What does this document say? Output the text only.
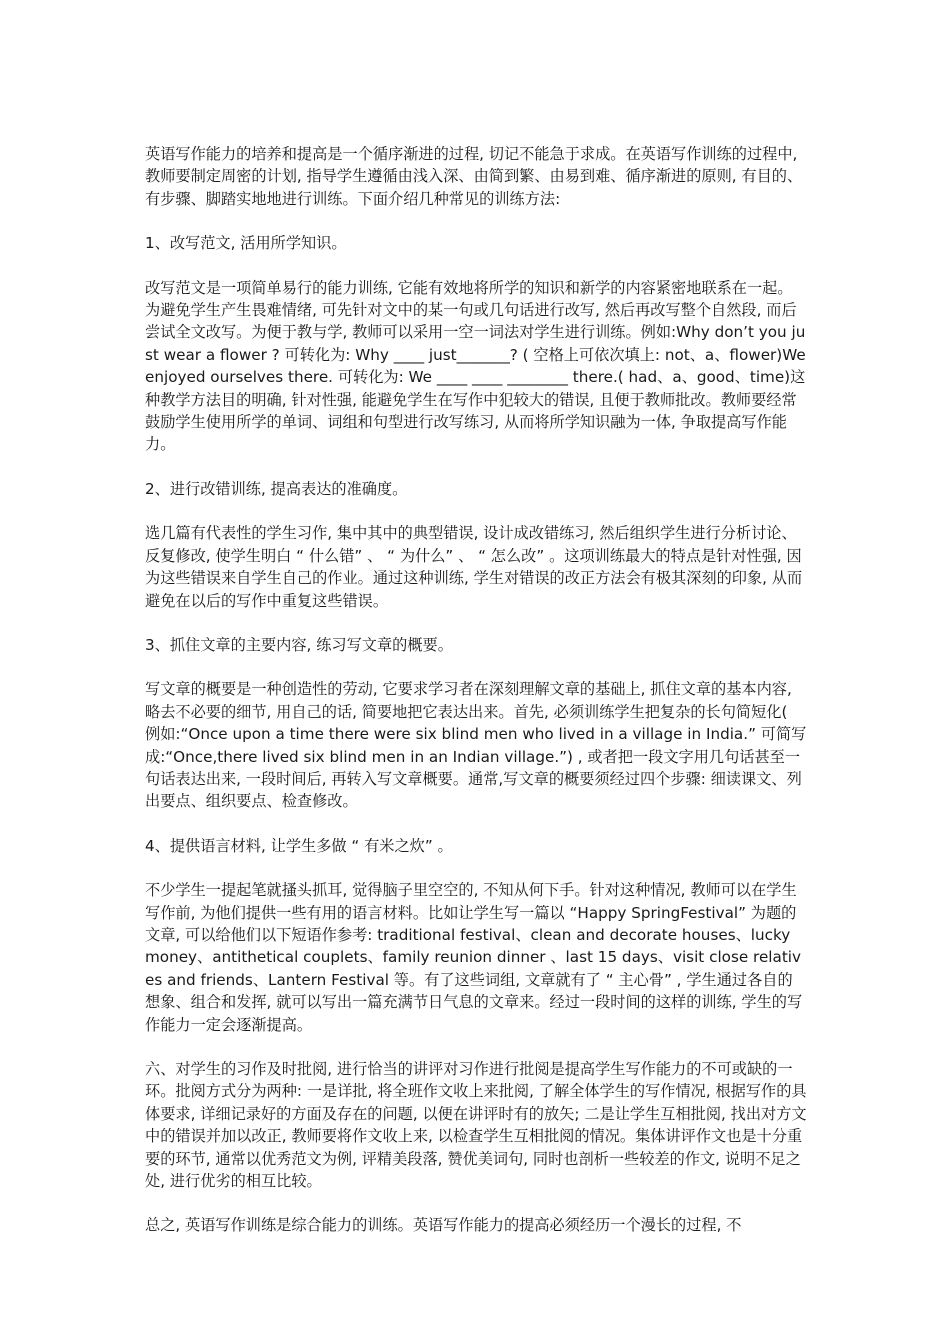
英语写作能力的培养和提高是一个循序渐进的过程, 切记不能急于求成。在英语写作训练的过程中, 教师要制定周密的计划, 指导学生遵循由浅入深、由简到繁、由易到难、循序渐进的原则, 有目的、有步骤、脚踏实地地进行训练。下面介绍几种常见的训练方法:

1、改写范文, 活用所学知识。

改写范文是一项简单易行的能力训练, 它能有效地将所学的知识和新学的内容紧密地联系在一起。为避免学生产生畏难情绪, 可先针对文中的某一句或几句话进行改写, 然后再改写整个自然段, 而后尝试全文改写。为便于教与学, 教师可以采用一空一词法对学生进行训练。例如:Why don’t you just wear a flower ? 可转化为: Why ____ just_______? ( 空格上可依次填上: not、a、flower)We enjoyed ourselves there. 可转化为: We ____ ____ ________ there.( had、a、good、time)这种教学方法目的明确, 针对性强, 能避免学生在写作中犯较大的错误, 且便于教师批改。教师要经常鼓励学生使用所学的单词、词组和句型进行改写练习, 从而将所学知识融为一体, 争取提高写作能力。

2、进行改错训练, 提高表达的准确度。

选几篇有代表性的学生习作, 集中其中的典型错误, 设计成改错练习, 然后组织学生进行分析讨论、反复修改, 使学生明白 “ 什么错” 、 “ 为什么” 、 “ 怎么改” 。这项训练最大的特点是针对性强, 因为这些错误来自学生自己的作业。通过这种训练, 学生对错误的改正方法会有极其深刻的印象, 从而避免在以后的写作中重复这些错误。

3、抓住文章的主要内容, 练习写文章的概要。

写文章的概要是一种创造性的劳动, 它要求学习者在深刻理解文章的基础上, 抓住文章的基本内容, 略去不必要的细节, 用自己的话, 简要地把它表达出来。首先, 必须训练学生把复杂的长句简短化( 例如:“Once upon a time there were six blind men who lived in a village in India.” 可简写成:“Once,there lived six blind men in an Indian village.”) , 或者把一段文字用几句话甚至一句话表达出来, 一段时间后, 再转入写文章概要。通常,写文章的概要须经过四个步骤: 细读课文、列出要点、组织要点、检查修改。

4、提供语言材料, 让学生多做 “ 有米之炊” 。

不少学生一提起笔就搔头抓耳, 觉得脑子里空空的, 不知从何下手。针对这种情况, 教师可以在学生写作前, 为他们提供一些有用的语言材料。比如让学生写一篇以 “Happy SpringFestival” 为题的文章, 可以给他们以下短语作参考: traditional festival、clean and decorate houses、lucky money、antithetical couplets、family reunion dinner 、last 15 days、visit close relatives and friends、Lantern Festival 等。有了这些词组, 文章就有了 “ 主心骨” , 学生通过各自的想象、组合和发挥, 就可以写出一篇充满节日气息的文章来。经过一段时间的这样的训练, 学生的写作能力一定会逐渐提高。

六、对学生的习作及时批阅, 进行恰当的讲评对习作进行批阅是提高学生写作能力的不可或缺的一环。批阅方式分为两种: 一是详批, 将全班作文收上来批阅, 了解全体学生的写作情况, 根据写作的具体要求, 详细记录好的方面及存在的问题, 以便在讲评时有的放矢; 二是让学生互相批阅, 找出对方文中的错误并加以改正, 教师要将作文收上来, 以检查学生互相批阅的情况。集体讲评作文也是十分重要的环节, 通常以优秀范文为例, 评精美段落, 赞优美词句, 同时也剖析一些较差的作文, 说明不足之处, 进行优劣的相互比较。

总之, 英语写作训练是综合能力的训练。英语写作能力的提高必须经历一个漫长的过程, 不
